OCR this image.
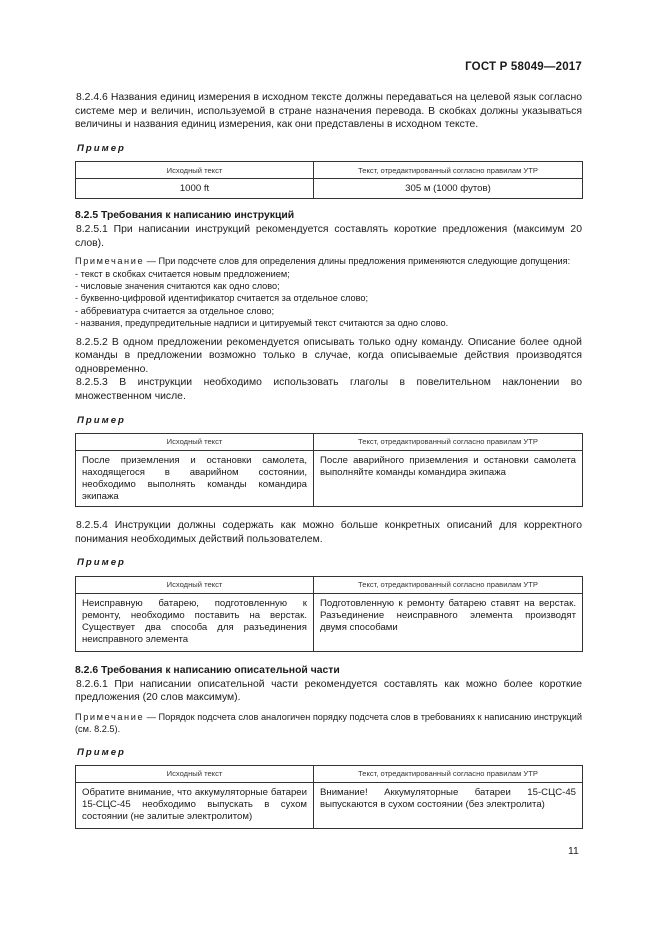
ГОСТ Р 58049—2017

8.2.4.6 Названия единиц измерения в исходном тексте должны передаваться на целевой язык согласно системе мер и величин, используемой в стране назначения перевода. В скобках должны указываться величины и названия единиц измерения, как они представлены в исходном тексте.

Пример
Исходный текст	Текст, отредактированный согласно правилам УТР
1000 ft	305 м (1000 футов)

8.2.5 Требования к написанию инструкций

8.2.5.1 При написании инструкций рекомендуется составлять короткие предложения (максимум 20 слов).

Примечание — При подсчете слов для определения длины предложения применяются следующие допущения:

- текст в скобках считается новым предложением;
- числовые значения считаются как одно слово;
- буквенно-цифровой идентификатор считается за отдельное слово;
- аббревиатура считается за отдельное слово;
- названия, предупредительные надписи и цитируемый текст считаются за одно слово.

8.2.5.2 В одном предложении рекомендуется описывать только одну команду. Описание более одной команды в предложении возможно только в случае, когда описываемые действия производятся одновременно.

8.2.5.3 В инструкции необходимо использовать глаголы в повелительном наклонении во множественном числе.

Пример
Исходный текст	Текст, отредактированный согласно правилам УТР
После приземления и остановки самолета, находящегося в аварийном состоянии, необходимо выполнять команды командира экипажа	После аварийного приземления и остановки самолета выполняйте команды командира экипажа

8.2.5.4 Инструкции должны содержать как можно больше конкретных описаний для корректного понимания необходимых действий пользователем.

Пример
Исходный текст	Текст, отредактированный согласно правилам УТР
Неисправную батарею, подготовленную к ремонту, необходимо поставить на верстак. Существует два способа для разъединения неисправного элемента	Подготовленную к ремонту батарею ставят на верстак. Разъединение неисправного элемента производят двумя способами

8.2.6 Требования к написанию описательной части

8.2.6.1 При написании описательной части рекомендуется составлять как можно более короткие предложения (20 слов максимум).

Примечание — Порядок подсчета слов аналогичен порядку подсчета слов в требованиях к написанию инструкций (см. 8.2.5).

Пример
Исходный текст	Текст, отредактированный согласно правилам УТР
Обратите внимание, что аккумуляторные батареи 15-СЦС-45 необходимо выпускать в сухом состоянии (не залитые электролитом)	Внимание! Аккумуляторные батареи 15-СЦС-45 выпускаются в сухом состоянии (без электролита)
11
